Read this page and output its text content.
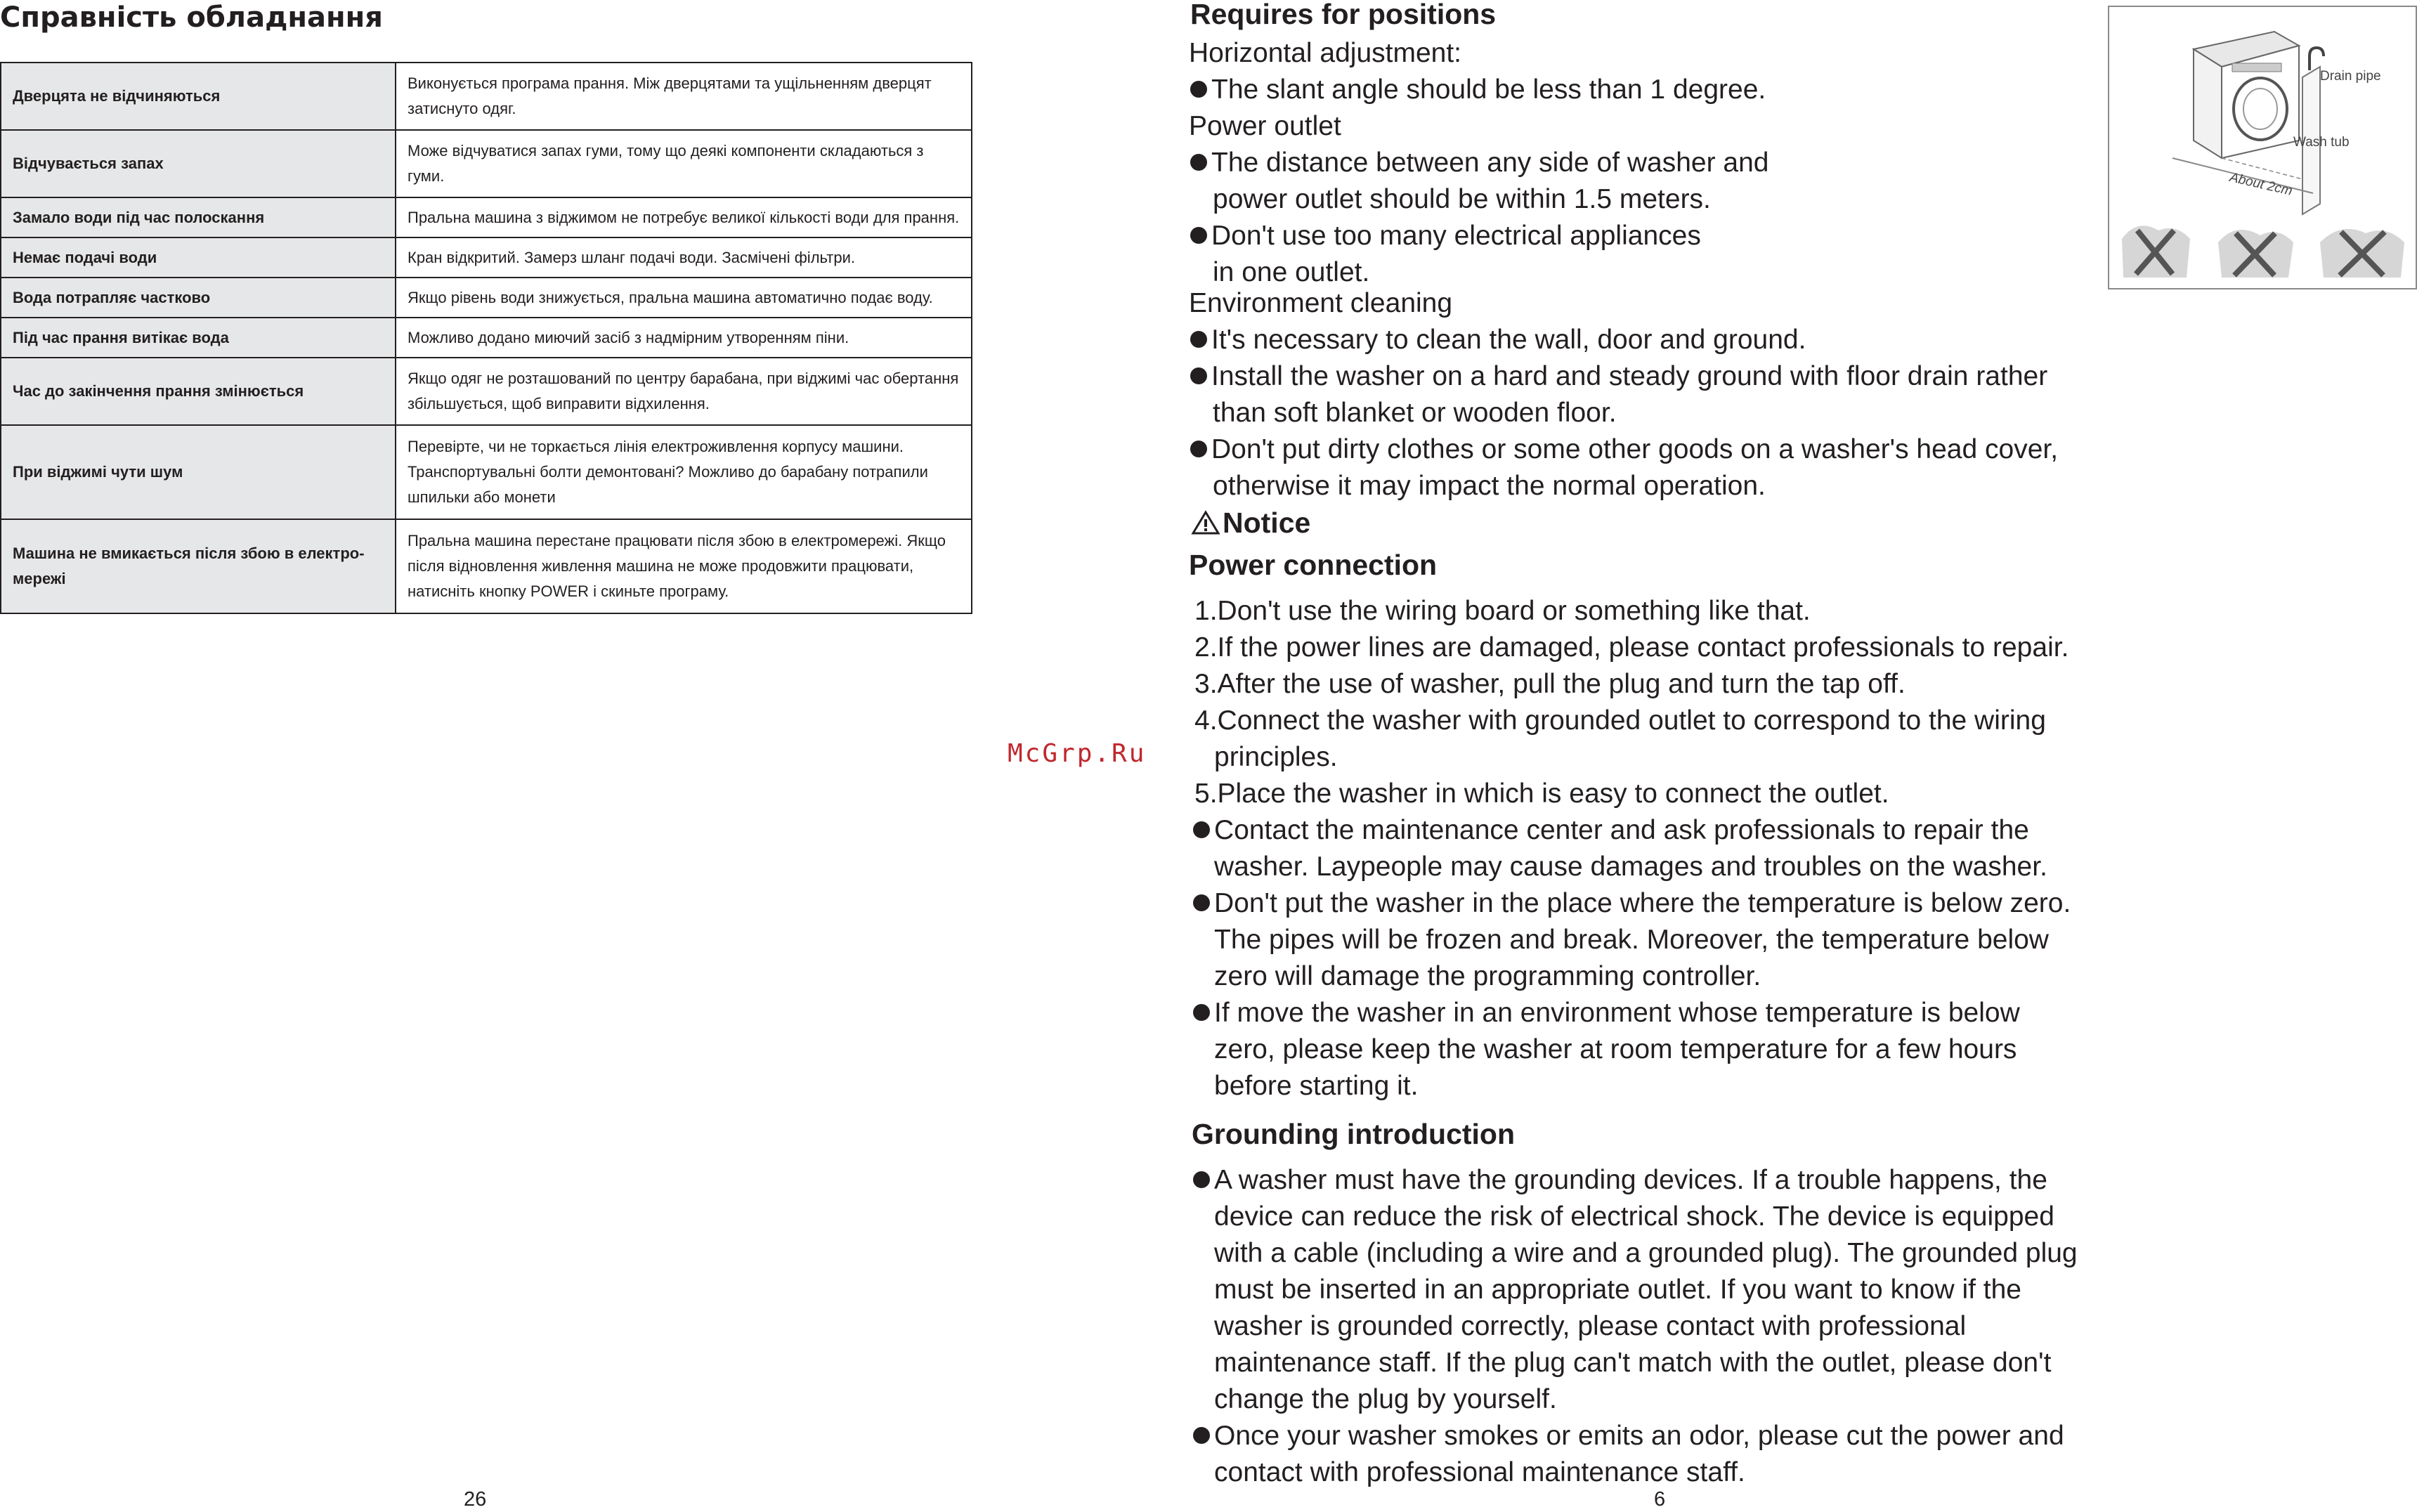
Справність обладнання
Дверцята не відчиняються	Виконується програма прання. Між дверцятами та ущільненням дверцят затиснуто одяг.
Відчувається запах	Може відчуватися запах гуми, тому що деякі компоненти складаються з гуми.
Замало води під час полоскання	Пральна машина з віджимом не потребує великої кількості води для прання.
Немає подачі води	Кран відкритий. Замерз шланг подачі води. Засмічені фільтри.
Вода потрапляє частково	Якщо рівень води знижується, пральна машина автоматично подає воду.
Під час прання витікає вода	Можливо додано миючий засіб з надмірним утворенням піни.
Час до закінчення прання змінюється	Якщо одяг не розташований по центру барабана, при віджимі час обертання збільшується, щоб виправити відхилення.
При віджимі чути шум	Перевірте, чи не торкається лінія електроживлення корпусу машини. Транспортувальні болти демонтовані? Можливо до барабану потрапили шпильки або монети
Машина не вмикається після збою в електро-мережі	Пральна машина перестане працювати після збою в електромережі. Якщо після відновлення живлення машина не може продовжити працювати, натисніть кнопку POWER і скиньте програму.
26
McGrp.Ru
Requires for positions
Horizontal adjustment:
The slant angle should be less than 1 degree.
Power outlet
The distance between any side of washer and
power outlet should be within 1.5 meters.
Don't use too many electrical appliances
in one outlet.
Environment cleaning
It's necessary to clean the wall, door and ground.
Install the washer on a hard and steady ground with floor drain rather
than soft blanket or wooden floor.
Don't put dirty clothes or some other goods on a washer's head cover,
otherwise it may impact the normal operation.
Notice
Power connection
1.Don't use the wiring board or something like that.
2.If the power lines are damaged, please contact professionals to repair.
3.After the use of washer, pull the plug and turn the tap off.
4.Connect the washer with grounded outlet to correspond to the wiring
principles.
5.Place the washer in which is easy to connect the outlet.
Contact the maintenance center and ask professionals to repair the
washer. Laypeople may cause damages and troubles on the washer.
Don't put the washer in the place where the temperature is below zero.
The pipes will be frozen and break. Moreover, the temperature below
zero will damage the programming controller.
If move the washer in an environment whose temperature is below
zero, please keep the washer at room temperature for a few hours
before starting it.
Grounding introduction
A washer must have the grounding devices. If a trouble happens, the
device can reduce the risk of electrical shock. The device is equipped
with a cable (including a wire and a grounded plug). The grounded plug
must be inserted in an appropriate outlet. If you want to know if the
washer is grounded correctly, please contact with professional
maintenance staff. If the plug can't match with the outlet, please don't
change the plug by yourself.
Once your washer smokes or emits an odor, please cut the power and
contact with professional maintenance staff.
6
Drain pipe
Wash tub
About 2cm
